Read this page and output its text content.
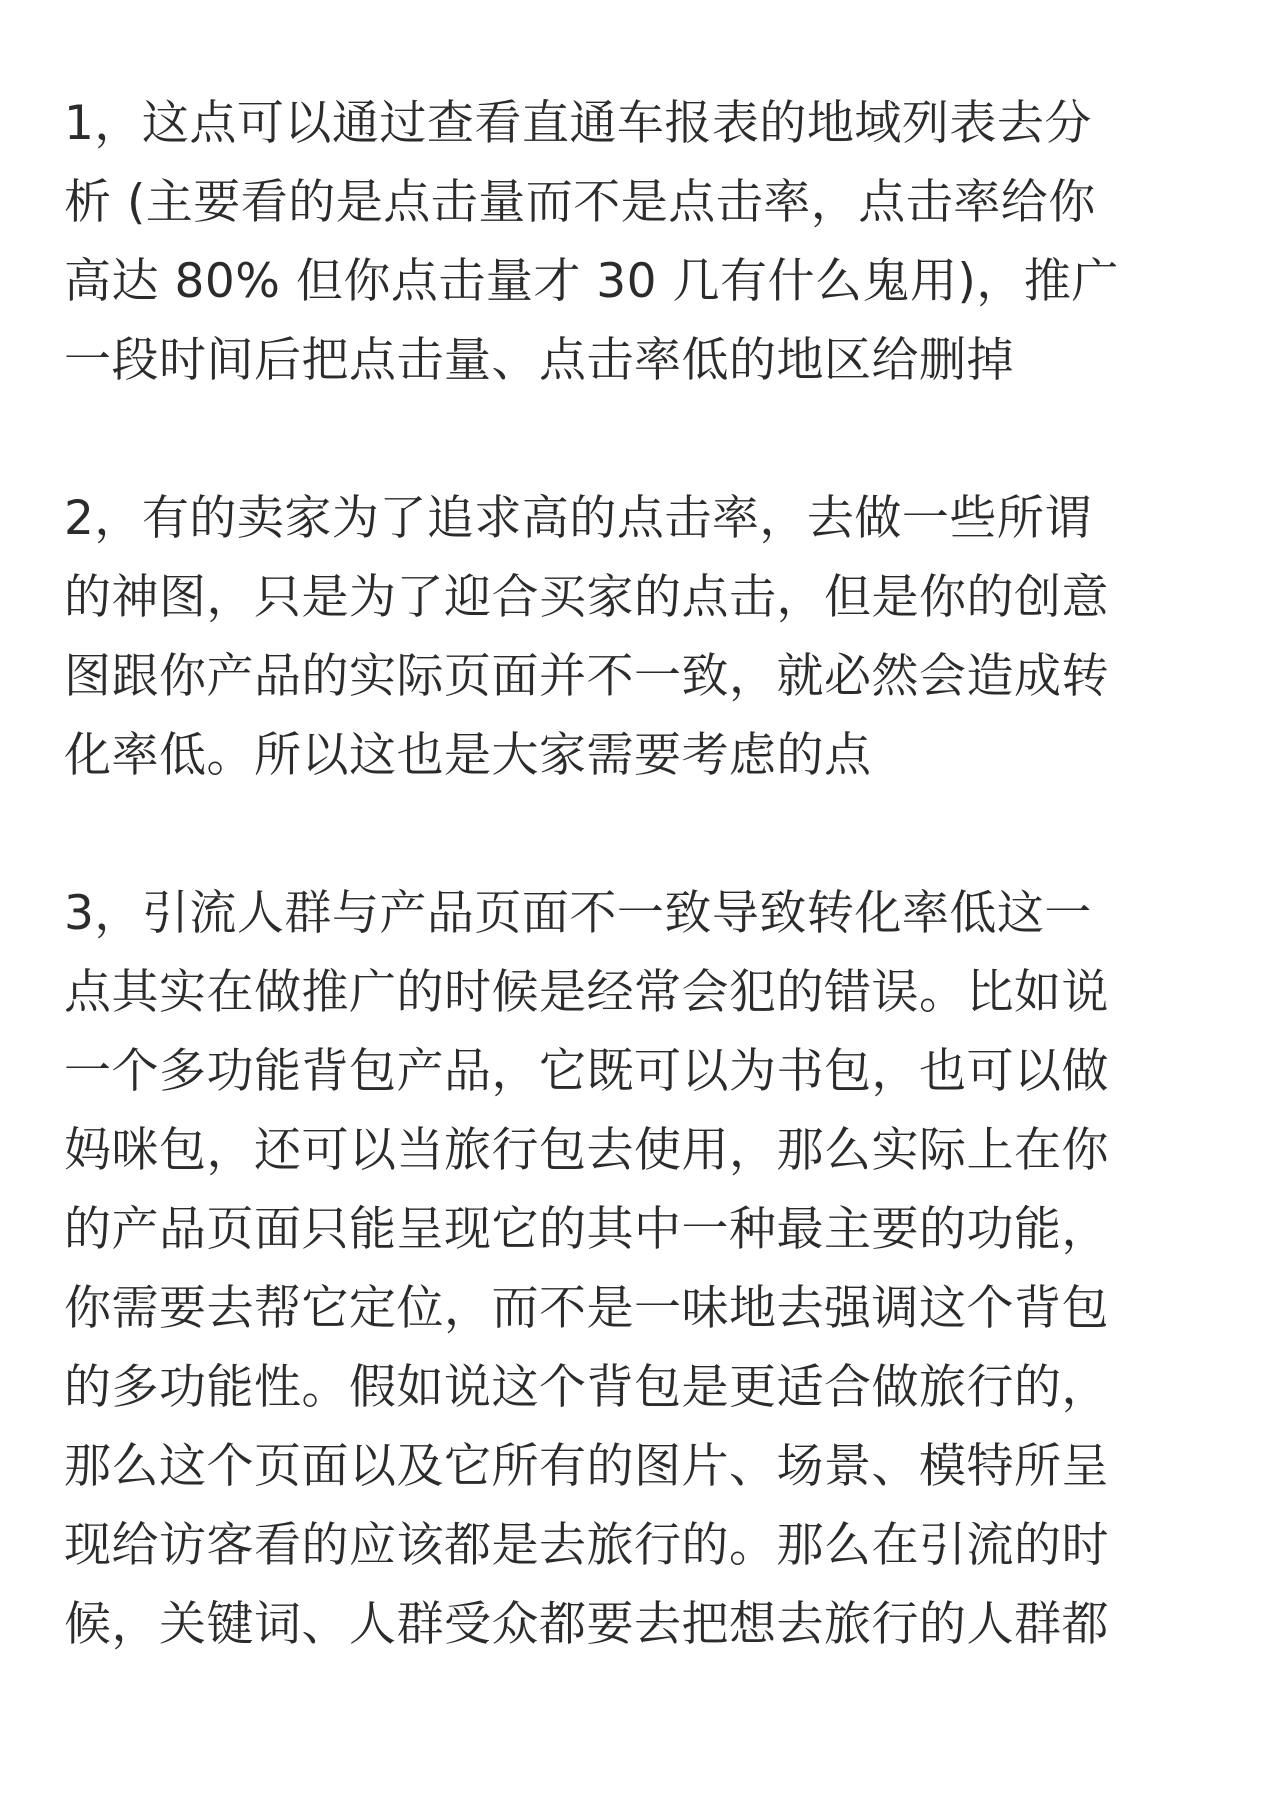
1，这点可以通过查看直通车报表的地域列表去分
析 (主要看的是点击量而不是点击率，点击率给你
高达 80% 但你点击量才 30 几有什么鬼用)，推广
一段时间后把点击量、点击率低的地区给删掉
2，有的卖家为了追求高的点击率，去做一些所谓
的神图，只是为了迎合买家的点击，但是你的创意
图跟你产品的实际页面并不一致，就必然会造成转
化率低。所以这也是大家需要考虑的点
3，引流人群与产品页面不一致导致转化率低这一
点其实在做推广的时候是经常会犯的错误。比如说
一个多功能背包产品，它既可以为书包，也可以做
妈咪包，还可以当旅行包去使用，那么实际上在你
的产品页面只能呈现它的其中一种最主要的功能，
你需要去帮它定位，而不是一味地去强调这个背包
的多功能性。假如说这个背包是更适合做旅行的，
那么这个页面以及它所有的图片、场景、模特所呈
现给访客看的应该都是去旅行的。那么在引流的时
候，关键词、人群受众都要去把想去旅行的人群都
